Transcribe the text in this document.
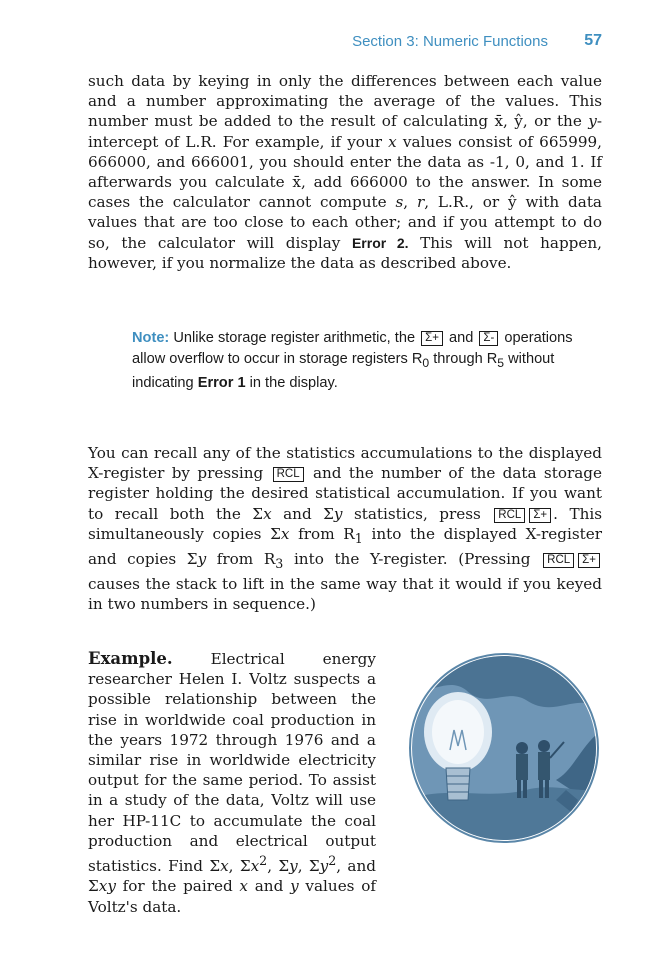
Section 3: Numeric Functions 57
such data by keying in only the differences between each value and a number approximating the average of the values. This number must be added to the result of calculating x̄, ŷ, or the y-intercept of L.R. For example, if your x values consist of 665999, 666000, and 666001, you should enter the data as -1, 0, and 1. If afterwards you calculate x̄, add 666000 to the answer. In some cases the calculator cannot compute s, r, L.R., or ŷ with data values that are too close to each other; and if you attempt to do so, the calculator will display Error 2. This will not happen, however, if you normalize the data as described above.
Note: Unlike storage register arithmetic, the Σ+ and Σ- operations allow overflow to occur in storage registers $R_0$ through $R_5$ without indicating Error 1 in the display.
You can recall any of the statistics accumulations to the displayed X-register by pressing RCL and the number of the data storage register holding the desired statistical accumulation. If you want to recall both the Σx and Σy statistics, press RCL Σ+ . This simultaneously copies Σx from $R_1$ into the displayed X-register and copies Σy from $R_3$ into the Y-register. (Pressing RCL Σ+ causes the stack to lift in the same way that it would if you keyed in two numbers in sequence.)
Example. Electrical energy researcher Helen I. Voltz suspects a possible relationship between the rise in worldwide coal production in the years 1972 through 1976 and a similar rise in worldwide electricity output for the same period. To assist in a study of the data, Voltz will use her HP-11C to accumulate the coal production and electrical output statistics. Find Σx, $\Sigma x^2$, Σy, $\Sigma y^2$, and Σxy for the paired x and y values of Voltz's data.
